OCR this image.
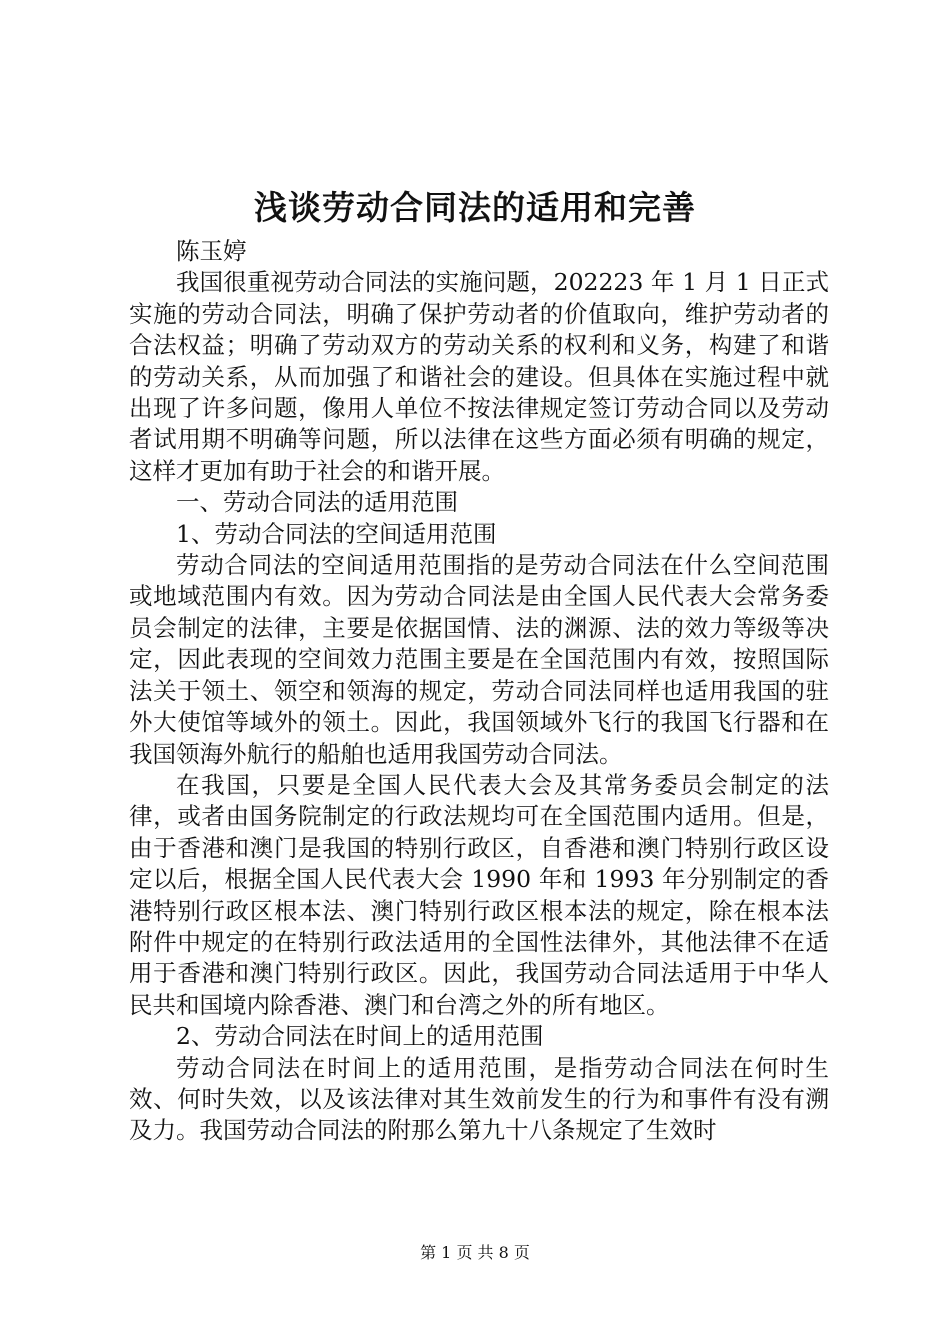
浅谈劳动合同法的适用和完善

陈玉婷

我国很重视劳动合同法的实施问题，202223 年 1 月 1 日正式实施的劳动合同法，明确了保护劳动者的价值取向，维护劳动者的合法权益；明确了劳动双方的劳动关系的权利和义务，构建了和谐的劳动关系，从而加强了和谐社会的建设。但具体在实施过程中就出现了许多问题，像用人单位不按法律规定签订劳动合同以及劳动者试用期不明确等问题，所以法律在这些方面必须有明确的规定，这样才更加有助于社会的和谐开展。

一、劳动合同法的适用范围

1、劳动合同法的空间适用范围

劳动合同法的空间适用范围指的是劳动合同法在什么空间范围或地域范围内有效。因为劳动合同法是由全国人民代表大会常务委员会制定的法律，主要是依据国情、法的渊源、法的效力等级等决定，因此表现的空间效力范围主要是在全国范围内有效，按照国际法关于领土、领空和领海的规定，劳动合同法同样也适用我国的驻外大使馆等域外的领土。因此，我国领域外飞行的我国飞行器和在我国领海外航行的船舶也适用我国劳动合同法。

在我国，只要是全国人民代表大会及其常务委员会制定的法律，或者由国务院制定的行政法规均可在全国范围内适用。但是，由于香港和澳门是我国的特别行政区，自香港和澳门特别行政区设定以后，根据全国人民代表大会 1990 年和 1993 年分别制定的香港特别行政区根本法、澳门特别行政区根本法的规定，除在根本法附件中规定的在特别行政法适用的全国性法律外，其他法律不在适用于香港和澳门特别行政区。因此，我国劳动合同法适用于中华人民共和国境内除香港、澳门和台湾之外的所有地区。

2、劳动合同法在时间上的适用范围

劳动合同法在时间上的适用范围，是指劳动合同法在何时生效、何时失效，以及该法律对其生效前发生的行为和事件有没有溯及力。我国劳动合同法的附那么第九十八条规定了生效时

第 1 页 共 8 页
